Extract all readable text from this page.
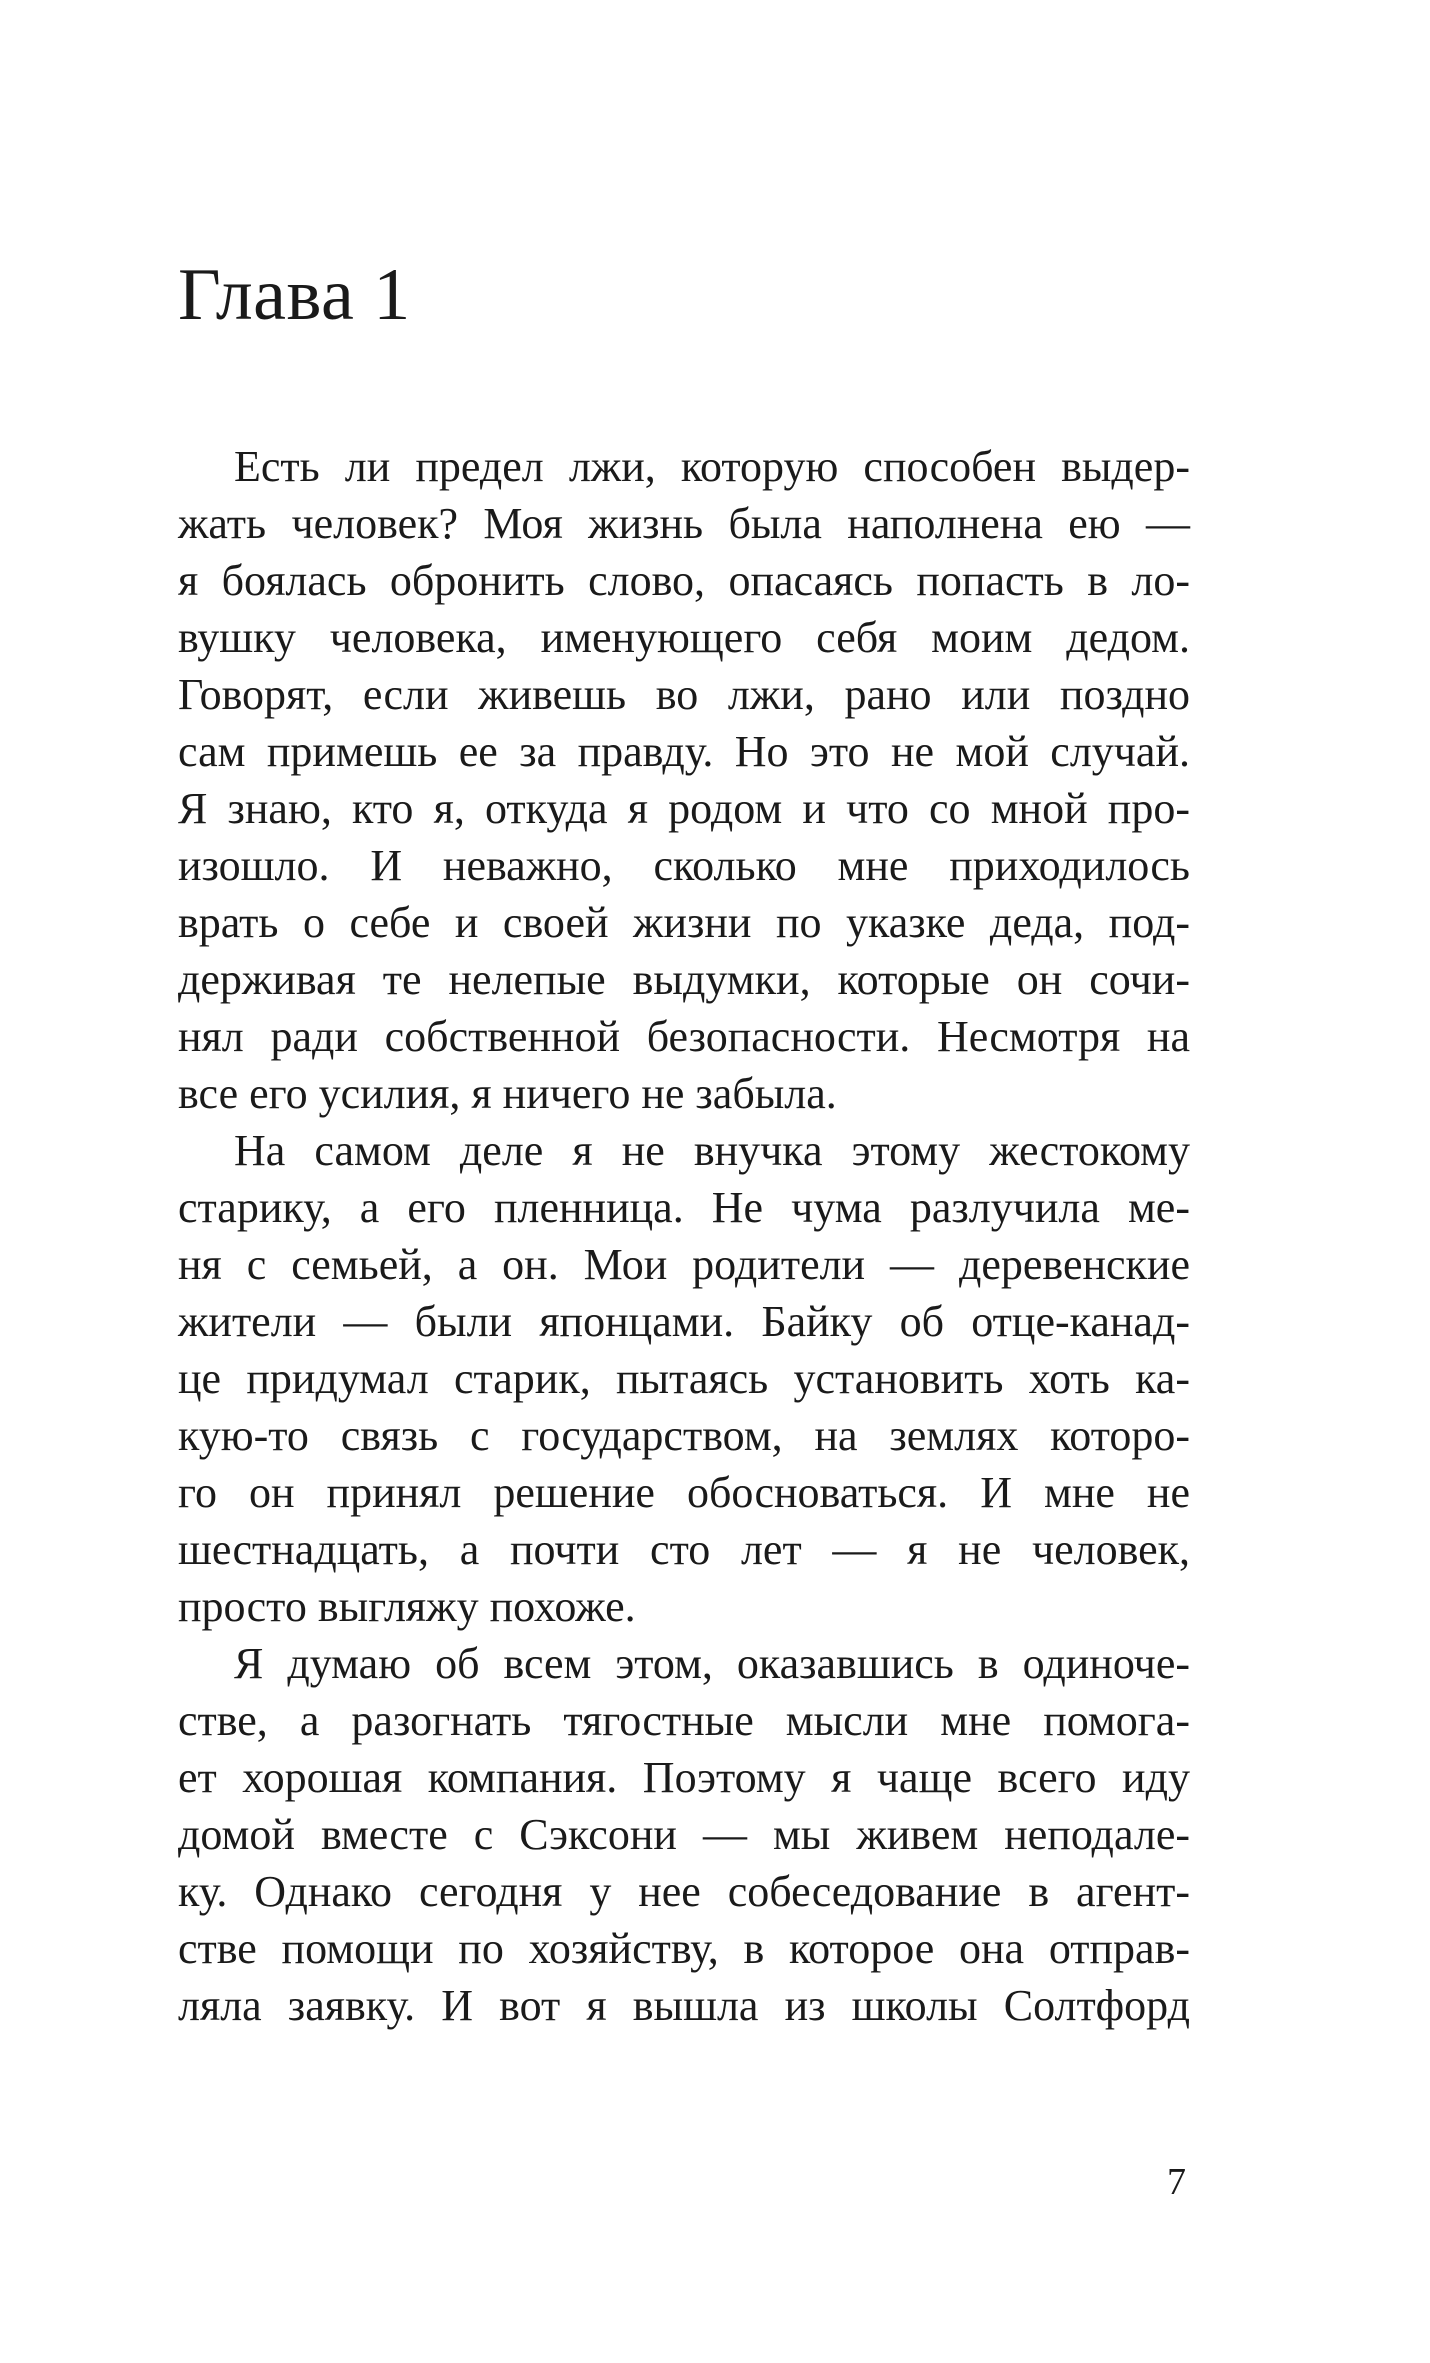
Глава 1
Есть ли предел лжи, которую способен выдер-
жать человек? Моя жизнь была наполнена ею —
я боялась обронить слово, опасаясь попасть в ло-
вушку человека, именующего себя моим дедом.
Говорят, если живешь во лжи, рано или поздно
сам примешь ее за правду. Но это не мой случай.
Я знаю, кто я, откуда я родом и что со мной про-
изошло. И неважно, сколько мне приходилось
врать о себе и своей жизни по указке деда, под-
держивая те нелепые выдумки, которые он сочи-
нял ради собственной безопасности. Несмотря на
все его усилия, я ничего не забыла.
На самом деле я не внучка этому жестокому
старику, а его пленница. Не чума разлучила ме-
ня с семьей, а он. Мои родители — деревенские
жители — были японцами. Байку об отце-канад-
це придумал старик, пытаясь установить хоть ка-
кую-то связь с государством, на землях которо-
го он принял решение обосноваться. И мне не
шестнадцать, а почти сто лет — я не человек,
просто выгляжу похоже.
Я думаю об всем этом, оказавшись в одиноче-
стве, а разогнать тягостные мысли мне помога-
ет хорошая компания. Поэтому я чаще всего иду
домой вместе с Сэксони — мы живем неподале-
ку. Однако сегодня у нее собеседование в агент-
стве помощи по хозяйству, в которое она отправ-
ляла заявку. И вот я вышла из школы Солтфорд
7
